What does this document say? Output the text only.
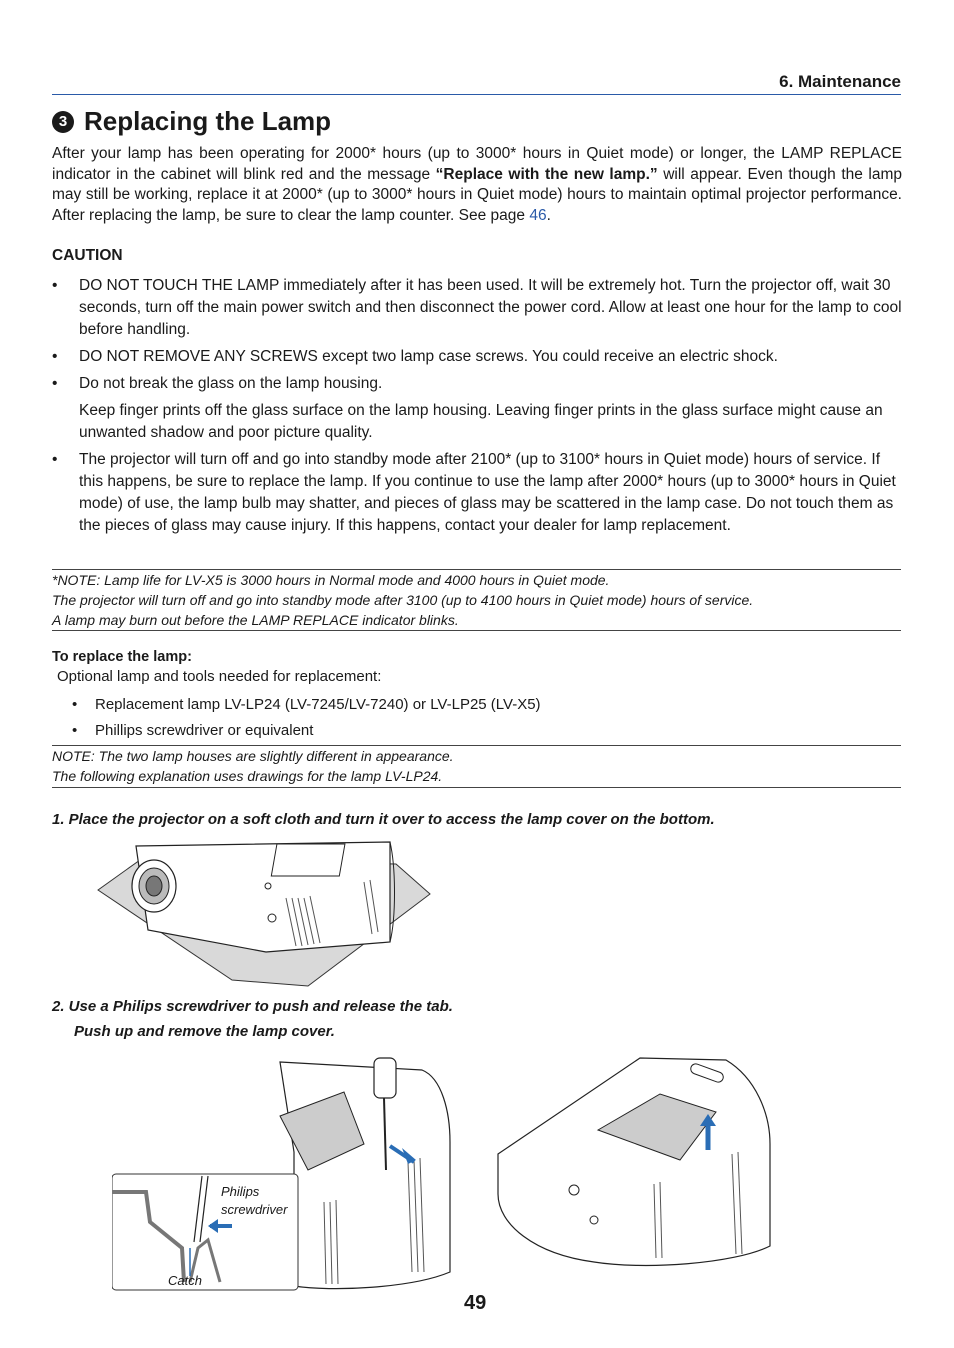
6. Maintenance
3 Replacing the Lamp
After your lamp has been operating for 2000* hours (up to 3000* hours in Quiet mode) or longer, the LAMP REPLACE indicator in the cabinet will blink red and the message “Replace with the new lamp.” will appear. Even though the lamp may still be working, replace it at 2000* (up to 3000* hours in Quiet mode) hours to maintain optimal projector performance. After replacing the lamp, be sure to clear the lamp counter. See page 46.
CAUTION
• DO NOT TOUCH THE LAMP immediately after it has been used. It will be extremely hot. Turn the projector off, wait 30 seconds, turn off the main power switch and then disconnect the power cord. Allow at least one hour for the lamp to cool before handling.
• DO NOT REMOVE ANY SCREWS except two lamp case screws. You could receive an electric shock.
• Do not break the glass on the lamp housing.
Keep finger prints off the glass surface on the lamp housing. Leaving finger prints in the glass surface might cause an unwanted shadow and poor picture quality.
• The projector will turn off and go into standby mode after 2100* (up to 3100* hours in Quiet mode) hours of service. If this happens, be sure to replace the lamp. If you continue to use the lamp after 2000* hours (up to 3000* hours in Quiet mode) of use, the lamp bulb may shatter, and pieces of glass may be scattered in the lamp case. Do not touch them as the pieces of glass may cause injury. If this happens, contact your dealer for lamp replacement.
*NOTE: Lamp life for LV-X5 is 3000 hours in Normal mode and 4000 hours in Quiet mode.
The projector will turn off and go into standby mode after 3100 (up to 4100 hours in Quiet mode) hours of service.
A lamp may burn out before the LAMP REPLACE indicator blinks.
To replace the lamp:
Optional lamp and tools needed for replacement:
• Replacement lamp LV-LP24 (LV-7245/LV-7240) or LV-LP25 (LV-X5)
• Phillips screwdriver or equivalent
NOTE: The two lamp houses are slightly different in appearance.
The following explanation uses drawings for the lamp LV-LP24.
1. Place the projector on a soft cloth and turn it over to access the lamp cover on the bottom.
2. Use a Philips screwdriver to push and release the tab.
Push up and remove the lamp cover.
Philips
screwdriver
Catch
49
